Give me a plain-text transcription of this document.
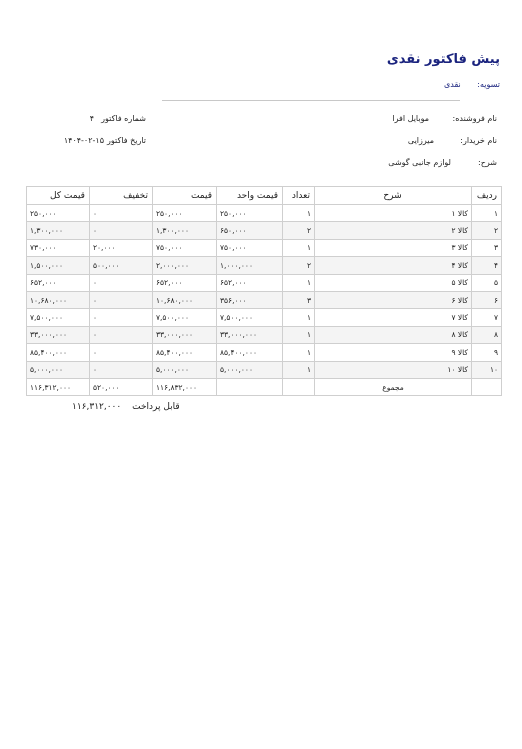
پیش فاکتور نقدی
تسویه: نقدی
نام فروشنده:
موبایل افرا
شماره فاکتور
۴
نام خریدار:
میرزایی
تاریخ فاکتور
۱۴۰۴-۰۲-۱۵
شرح:
لوازم جانبی گوشی
ردیف	شرح	تعداد	قیمت واحد	قیمت	تخفیف	قیمت کل
۱	کالا ۱	۱	۲۵۰,۰۰۰	۲۵۰,۰۰۰	۰	۲۵۰,۰۰۰
۲	کالا ۲	۲	۶۵۰,۰۰۰	۱,۳۰۰,۰۰۰	۰	۱,۳۰۰,۰۰۰
۳	کالا ۳	۱	۷۵۰,۰۰۰	۷۵۰,۰۰۰	۲۰,۰۰۰	۷۳۰,۰۰۰
۴	کالا ۴	۲	۱,۰۰۰,۰۰۰	۲,۰۰۰,۰۰۰	۵۰۰,۰۰۰	۱,۵۰۰,۰۰۰
۵	کالا ۵	۱	۶۵۲,۰۰۰	۶۵۲,۰۰۰	۰	۶۵۲,۰۰۰
۶	کالا ۶	۳	۳۵۶,۰۰۰	۱۰,۶۸۰,۰۰۰	۰	۱۰,۶۸۰,۰۰۰
۷	کالا ۷	۱	۷,۵۰۰,۰۰۰	۷,۵۰۰,۰۰۰	۰	۷,۵۰۰,۰۰۰
۸	کالا ۸	۱	۳۳,۰۰۰,۰۰۰	۳۳,۰۰۰,۰۰۰	۰	۳۳,۰۰۰,۰۰۰
۹	کالا ۹	۱	۸۵,۴۰۰,۰۰۰	۸۵,۴۰۰,۰۰۰	۰	۸۵,۴۰۰,۰۰۰
۱۰	کالا ۱۰	۱	۵,۰۰۰,۰۰۰	۵,۰۰۰,۰۰۰	۰	۵,۰۰۰,۰۰۰
	مجموع			۱۱۶,۸۳۲,۰۰۰	۵۲۰,۰۰۰	۱۱۶,۳۱۲,۰۰۰
قابل پرداخت ۱۱۶,۳۱۲,۰۰۰
